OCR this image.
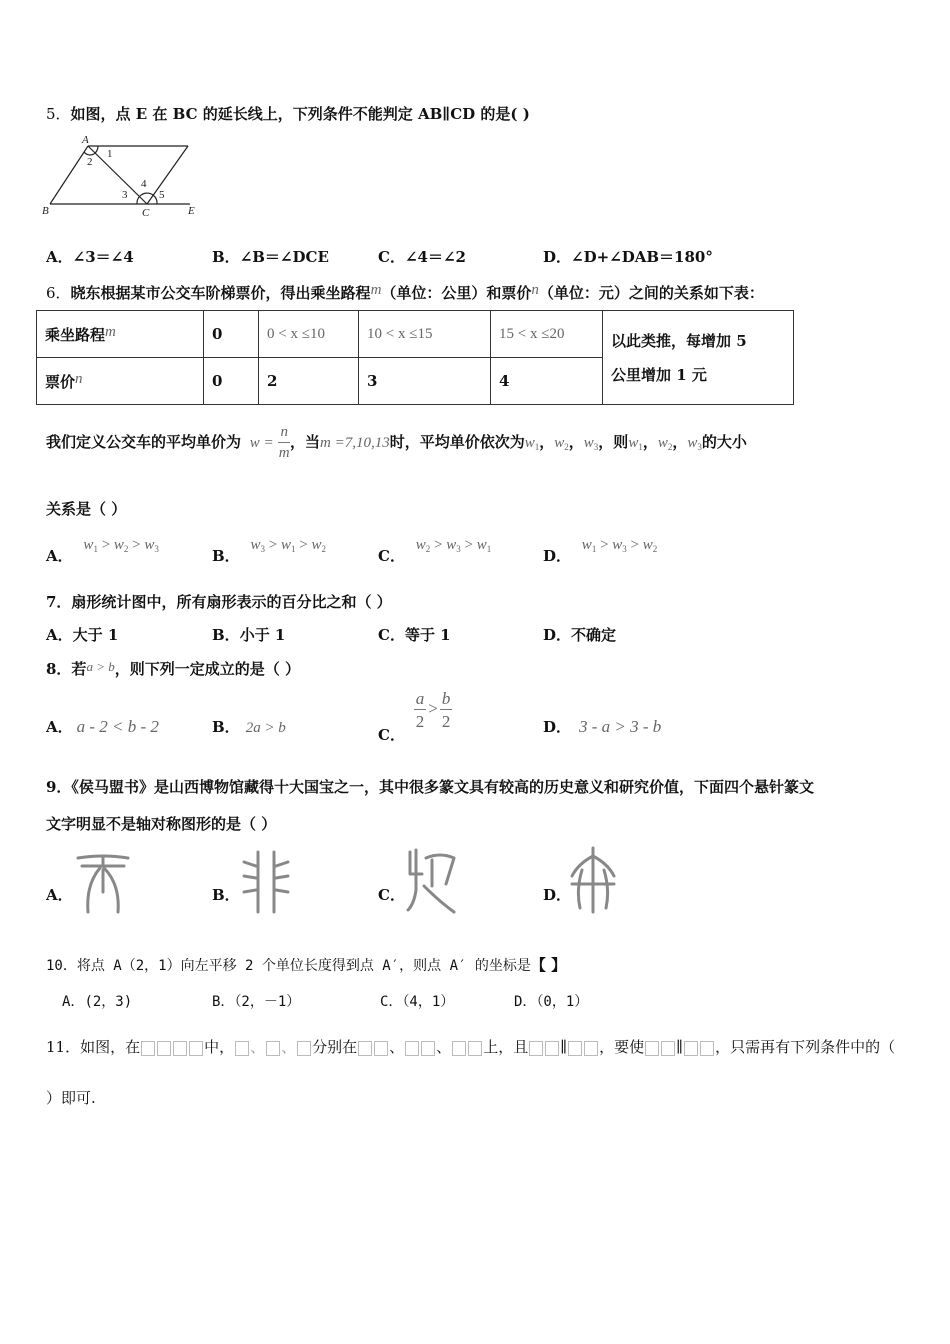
5．如图，点 E 在 BC 的延长线上，下列条件不能判定 AB∥CD 的是( )
A
B	C	E
1
2
3
4
5
A．∠3＝∠4	B．∠B＝∠DCE	C．∠4＝∠2	D．∠D+∠DAB＝180°
6．晓东根据某市公交车阶梯票价，得出乘坐路程m（单位：公里）和票价n（单位：元）之间的关系如下表：
乘坐路程m	0	0 < x ≤10	10 < x ≤15	15 < x ≤20	以此类推，每增加 5
公里增加 1 元
票价n	0	2	3	4	
我们定义公交车的平均单价为 $w = \frac{n}{m}$ ，当m =7,10,13时，平均单价依次为$w_1$，$w_2$，$w_3$，则$w_1$，$w_2$，$w_3$的大小
关系是（ ）
A． $w_1 > w_2 > w_3$	B． $w_3 > w_1 > w_2$	C． $w_2 > w_3 > w_1$	D． $w_1 > w_3 > w_2$
7．扇形统计图中，所有扇形表示的百分比之和（ ）
A．大于 1	B．小于 1	C．等于 1	D．不确定
8．若a > b，则下列一定成立的是（ ）
A． a - 2 < b - 2	B． 2a > b	C．
$\frac{a}{2} > \frac{b}{2}$	D． 3 - a > 3 - b
9．《侯马盟书》是山西博物馆藏得十大国宝之一，其中很多篆文具有较高的历史意义和研究价值，下面四个悬针篆文
文字明显不是轴对称图形的是（ ）
A．	B．	C．	D．
10．将点 A（2，1）向左平移 2 个单位长度得到点 A′，则点 A′ 的坐标是【 】
A．(2，3)	B．（2，－1）	C．（4，1）	D．（0，1）
11．如图，在	中， 、 、 分别在 、 、 上，且 ∥ ，要使 ∥ ，只需再有下列条件中的（
）即可.
